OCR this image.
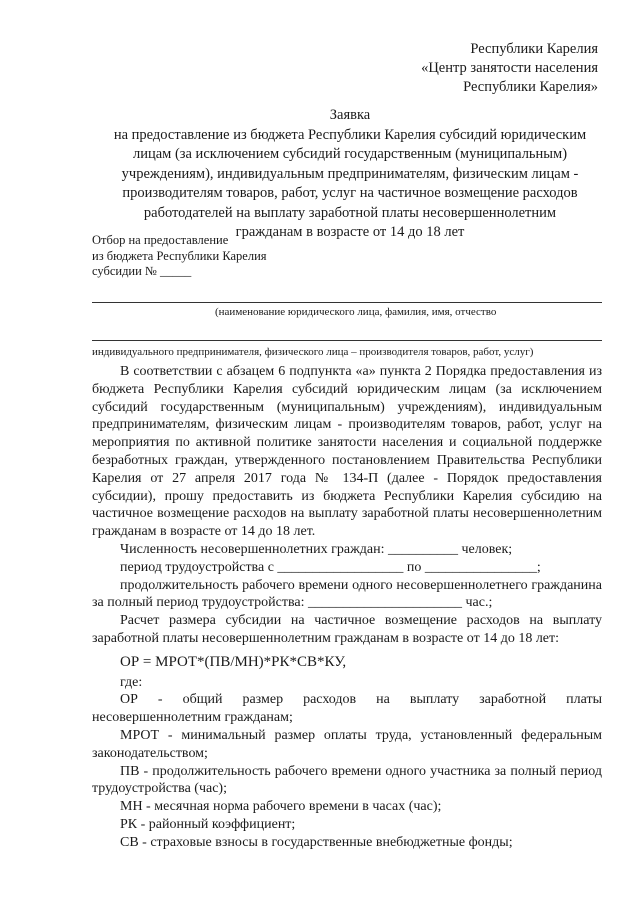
Республики Карелия
«Центр занятости населения
Республики Карелия»
Заявка
на предоставление из бюджета Республики Карелия субсидий юридическим
лицам (за исключением субсидий государственным (муниципальным)
учреждениям), индивидуальным предпринимателям, физическим лицам -
производителям товаров, работ, услуг на частичное возмещение расходов
работодателей на выплату заработной платы несовершеннолетним
гражданам в возрасте от 14 до 18 лет
Отбор на предоставление
из бюджета Республики Карелия
субсидии № _____
(наименование юридического лица, фамилия, имя, отчество
индивидуального предпринимателя, физического лица – производителя товаров, работ, услуг)

В соответствии с абзацем 6 подпункта «а» пункта 2 Порядка предоставления из бюджета Республики Карелия субсидий юридическим лицам (за исключением субсидий государственным (муниципальным) учреждениям), индивидуальным предпринимателям, физическим лицам - производителям товаров, работ, услуг на мероприятия по активной политике занятости населения и социальной поддержке безработных граждан, утвержденного постановлением Правительства Республики Карелия от 27 апреля 2017 года № 134-П (далее - Порядок предоставления субсидии), прошу предоставить из бюджета Республики Карелия субсидию на частичное возмещение расходов на выплату заработной платы несовершеннолетним гражданам в возрасте от 14 до 18 лет.

Численность несовершеннолетних граждан: __________ человек;

период трудоустройства с __________________ по ________________;

продолжительность рабочего времени одного несовершеннолетнего гражданина за полный период трудоустройства: ______________________ час.;

Расчет размера субсидии на частичное возмещение расходов на выплату заработной платы несовершеннолетним гражданам в возрасте от 14 до 18 лет:

ОР = МРОТ*(ПВ/МН)*РК*СВ*КУ,

где:

ОР - общий размер расходов на выплату заработной платы несовершеннолетним гражданам;

МРОТ - минимальный размер оплаты труда, установленный федеральным законодательством;

ПВ - продолжительность рабочего времени одного участника за полный период трудоустройства (час);

МН - месячная норма рабочего времени в часах (час);

РК - районный коэффициент;

СВ - страховые взносы в государственные внебюджетные фонды;
